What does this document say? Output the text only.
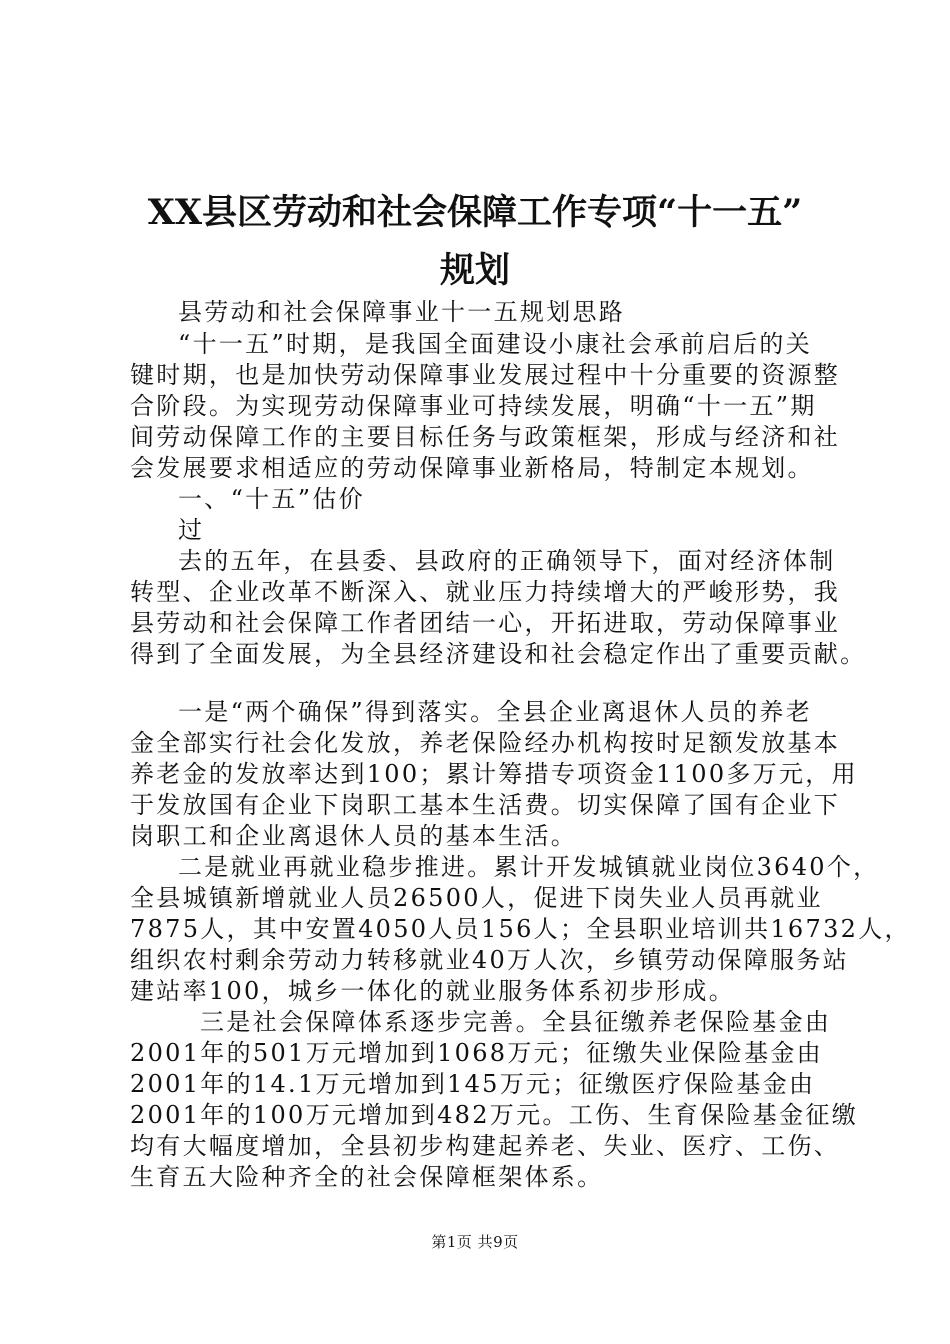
XX县区劳动和社会保障工作专项“十一五”
规划
县劳动和社会保障事业十一五规划思路
“十一五”时期，是我国全面建设小康社会承前启后的关
键时期，也是加快劳动保障事业发展过程中十分重要的资源整
合阶段。为实现劳动保障事业可持续发展，明确“十一五”期
间劳动保障工作的主要目标任务与政策框架，形成与经济和社
会发展要求相适应的劳动保障事业新格局，特制定本规划。
一、“十五”估价
过
去的五年，在县委、县政府的正确领导下，面对经济体制
转型、企业改革不断深入、就业压力持续增大的严峻形势，我
县劳动和社会保障工作者团结一心，开拓进取，劳动保障事业
得到了全面发展，为全县经济建设和社会稳定作出了重要贡献。
一是“两个确保”得到落实。全县企业离退休人员的养老
金全部实行社会化发放，养老保险经办机构按时足额发放基本
养老金的发放率达到100；累计筹措专项资金1100多万元，用
于发放国有企业下岗职工基本生活费。切实保障了国有企业下
岗职工和企业离退休人员的基本生活。
二是就业再就业稳步推进。累计开发城镇就业岗位3640个，
全县城镇新增就业人员26500人，促进下岗失业人员再就业
7875人，其中安置4050人员156人；全县职业培训共16732人，
组织农村剩余劳动力转移就业40万人次，乡镇劳动保障服务站
建站率100，城乡一体化的就业服务体系初步形成。
三是社会保障体系逐步完善。全县征缴养老保险基金由
2001年的501万元增加到1068万元；征缴失业保险基金由
2001年的14.1万元增加到145万元；征缴医疗保险基金由
2001年的100万元增加到482万元。工伤、生育保险基金征缴
均有大幅度增加，全县初步构建起养老、失业、医疗、工伤、
生育五大险种齐全的社会保障框架体系。
第1页 共9页
